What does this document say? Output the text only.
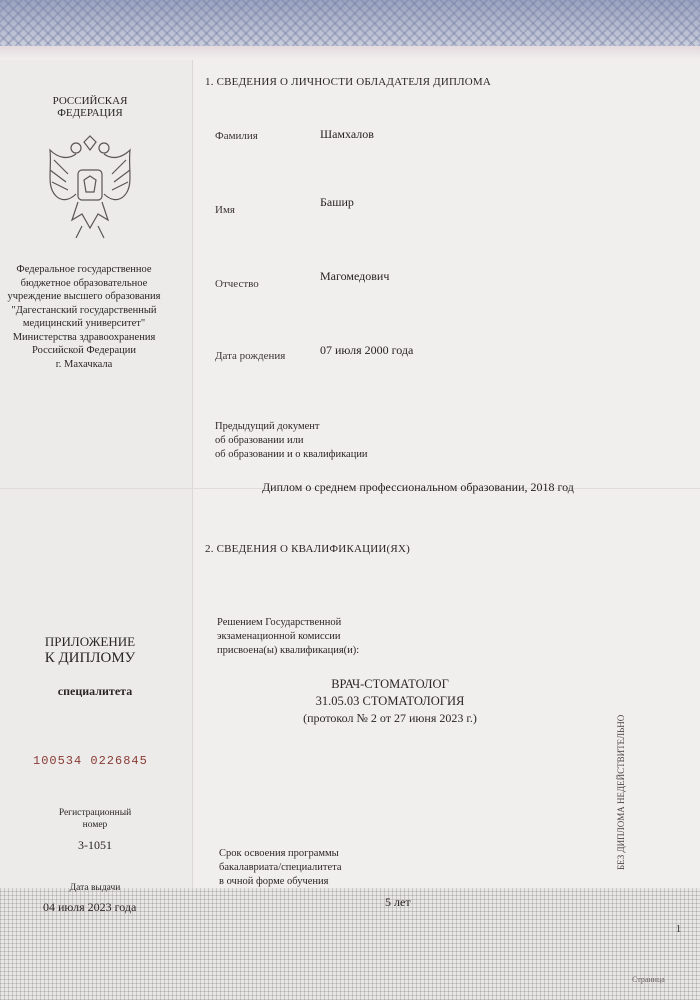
РОССИЙСКАЯ
ФЕДЕРАЦИЯ
Федеральное государственное
бюджетное образовательное
учреждение высшего образования
"Дагестанский государственный
медицинский университет"
Министерства здравоохранения
Российской Федерации
г. Махачкала
ПРИЛОЖЕНИЕ
К ДИПЛОМУ
специалитета
100534 0226845
Регистрационный
номер
3-1051
Дата выдачи
04 июля 2023 года
1. СВЕДЕНИЯ О ЛИЧНОСТИ ОБЛАДАТЕЛЯ ДИПЛОМА
Фамилия	Шамхалов
Имя
Башир
Отчество
Магомедович
Дата рождения	07 июля 2000 года
Предыдущий документ
об образовании или
об образовании и о квалификации
Диплом о среднем профессиональном образовании, 2018 год
2. СВЕДЕНИЯ О КВАЛИФИКАЦИИ(ЯХ)
Решением Государственной
экзаменационной комиссии
присвоена(ы) квалификация(и):
ВРАЧ-СТОМАТОЛОГ
31.05.03 СТОМАТОЛОГИЯ
(протокол № 2 от 27 июня 2023 г.)
Срок освоения программы
бакалавриата/специалитета
в очной форме обучения
5 лет
БЕЗ ДИПЛОМА НЕДЕЙСТВИТЕЛЬНО
1
Страница
